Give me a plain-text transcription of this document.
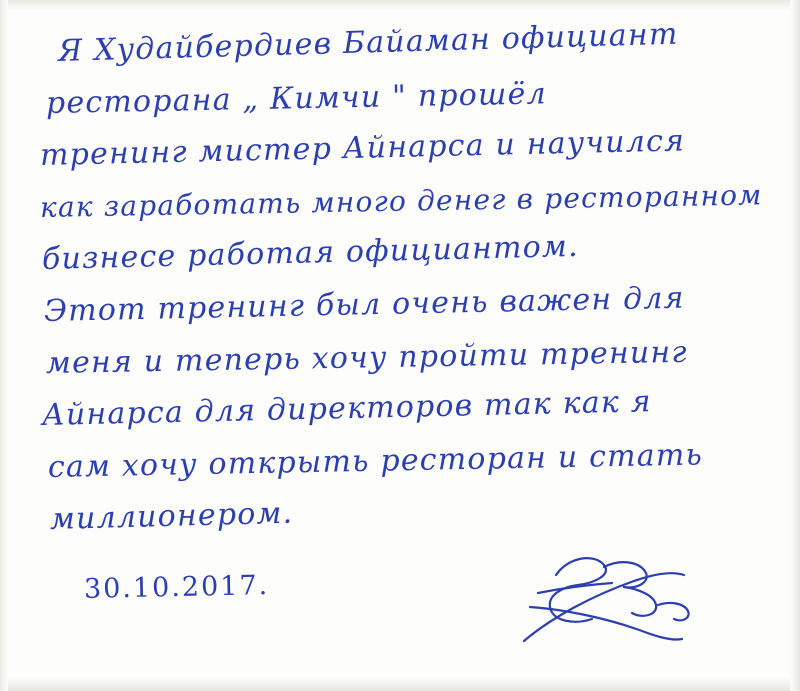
Я Худайбердиев Байаман официант
ресторана „ Кимчи " прошёл
тренинг мистер Айнарса и научился
как заработать много денег в ресторанном
бизнесе работая официантом.
Этот тренинг был очень важен для
меня и теперь хочу пройти тренинг
Айнарса для директоров так как я
сам хочу открыть ресторан и стать
миллионером.
30.10.2017.
